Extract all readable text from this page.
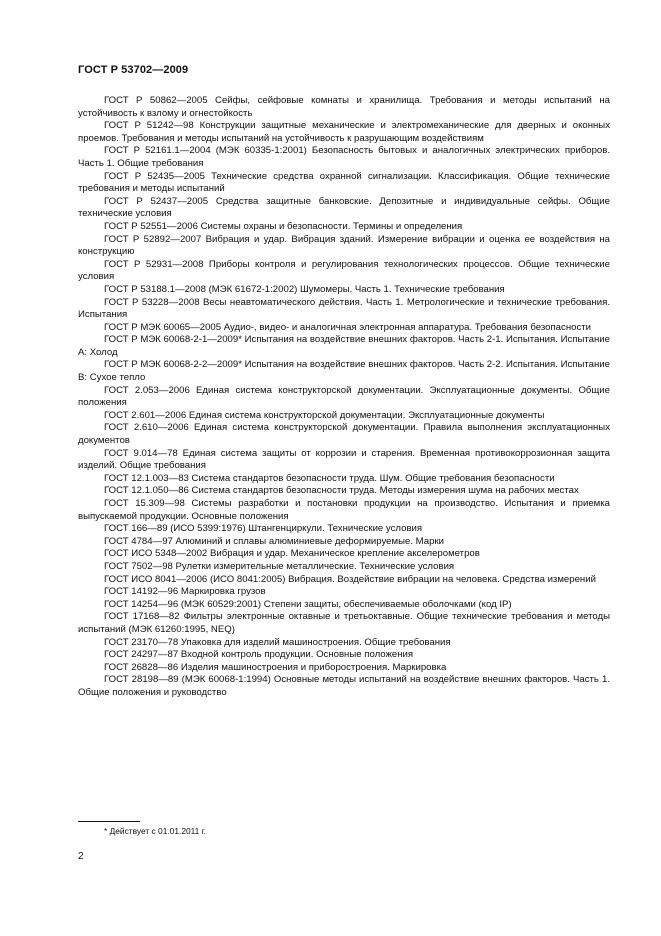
ГОСТ Р 53702—2009

ГОСТ Р 50862—2005 Сейфы, сейфовые комнаты и хранилища. Требования и методы испытаний на устойчивость к взлому и огнестойкость

ГОСТ Р 51242—98 Конструкции защитные механические и электромеханические для дверных и оконных проемов. Требования и методы испытаний на устойчивость к разрушающим воздействиям

ГОСТ Р 52161.1—2004 (МЭК 60335-1:2001) Безопасность бытовых и аналогичных электрических приборов. Часть 1. Общие требования

ГОСТ Р 52435—2005 Технические средства охранной сигнализации. Классификация. Общие технические требования и методы испытаний

ГОСТ Р 52437—2005 Средства защитные банковские. Депозитные и индивидуальные сейфы. Общие технические условия

ГОСТ Р 52551—2006 Системы охраны и безопасности. Термины и определения

ГОСТ Р 52892—2007 Вибрация и удар. Вибрация зданий. Измерение вибрации и оценка ее воздействия на конструкцию

ГОСТ Р 52931—2008 Приборы контроля и регулирования технологических процессов. Общие технические условия

ГОСТ Р 53188.1—2008 (МЭК 61672-1:2002) Шумомеры. Часть 1. Технические требования

ГОСТ Р 53228—2008 Весы неавтоматического действия. Часть 1. Метрологические и технические требования. Испытания

ГОСТ Р МЭК 60065—2005 Аудио-, видео- и аналогичная электронная аппаратура. Требования безопасности

ГОСТ Р МЭК 60068-2-1—2009* Испытания на воздействие внешних факторов. Часть 2-1. Испытания. Испытание А: Холод

ГОСТ Р МЭК 60068-2-2—2009* Испытания на воздействие внешних факторов. Часть 2-2. Испытания. Испытание В: Сухое тепло

ГОСТ 2.053—2006 Единая система конструкторской документации. Эксплуатационные документы. Общие положения

ГОСТ 2.601—2006 Единая система конструкторской документации. Эксплуатационные документы

ГОСТ 2.610—2006 Единая система конструкторской документации. Правила выполнения эксплуатационных документов

ГОСТ 9.014—78 Единая система защиты от коррозии и старения. Временная противокоррозионная защита изделий. Общие требования

ГОСТ 12.1.003—83 Система стандартов безопасности труда. Шум. Общие требования безопасности

ГОСТ 12.1.050—86 Система стандартов безопасности труда. Методы измерения шума на рабочих местах

ГОСТ 15.309—98 Системы разработки и постановки продукции на производство. Испытания и приемка выпускаемой продукции. Основные положения

ГОСТ 166—89 (ИСО 5399:1976) Штангенциркули. Технические условия

ГОСТ 4784—97 Алюминий и сплавы алюминиевые деформируемые. Марки

ГОСТ ИСО 5348—2002 Вибрация и удар. Механическое крепление акселерометров

ГОСТ 7502—98 Рулетки измерительные металлические. Технические условия

ГОСТ ИСО 8041—2006 (ИСО 8041:2005) Вибрация. Воздействие вибрации на человека. Средства измерений

ГОСТ 14192—96 Маркировка грузов

ГОСТ 14254—96 (МЭК 60529:2001) Степени защиты, обеспечиваемые оболочками (код IP)

ГОСТ 17168—82 Фильтры электронные октавные и третьоктавные. Общие технические требования и методы испытаний (МЭК 61260:1995, NEQ)

ГОСТ 23170—78 Упаковка для изделий машиностроения. Общие требования

ГОСТ 24297—87 Входной контроль продукции. Основные положения

ГОСТ 26828—86 Изделия машиностроения и приборостроения. Маркировка

ГОСТ 28198—89 (МЭК 60068-1:1994) Основные методы испытаний на воздействие внешних факторов. Часть 1. Общие положения и руководство

* Действует с 01.01.2011 г.
2
